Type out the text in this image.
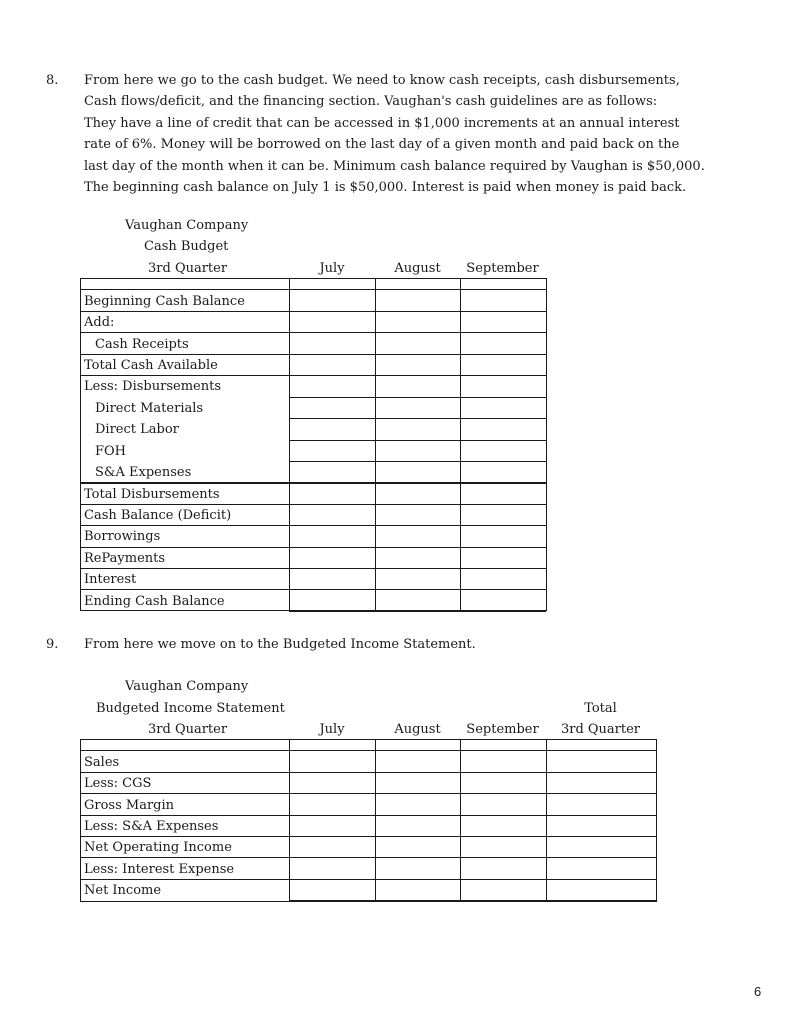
8. From here we go to the cash budget. We need to know cash receipts, cash disbursements,
Cash flows/deficit, and the financing section. Vaughan's cash guidelines are as follows:
They have a line of credit that can be accessed in $1,000 increments at an annual interest
rate of 6%. Money will be borrowed on the last day of a given month and paid back on the
last day of the month when it can be. Minimum cash balance required by Vaughan is $50,000.
The beginning cash balance on July 1 is $50,000. Interest is paid when money is paid back.
Vaughan Company
Cash Budget
3rd Quarter	July	August	September
Beginning Cash Balance
Add:
Cash Receipts
Total Cash Available
Less: Disbursements
Direct Materials
Direct Labor
FOH
S&A Expenses
Total Disbursements
Cash Balance (Deficit)
Borrowings
RePayments
Interest
Ending Cash Balance
9. From here we move on to the Budgeted Income Statement.
Vaughan Company
Budgeted Income Statement
3rd Quarter
Total
July	August	September	3rd Quarter
Sales
Less: CGS
Gross Margin
Less: S&A Expenses
Net Operating Income
Less: Interest Expense
Net Income
6
